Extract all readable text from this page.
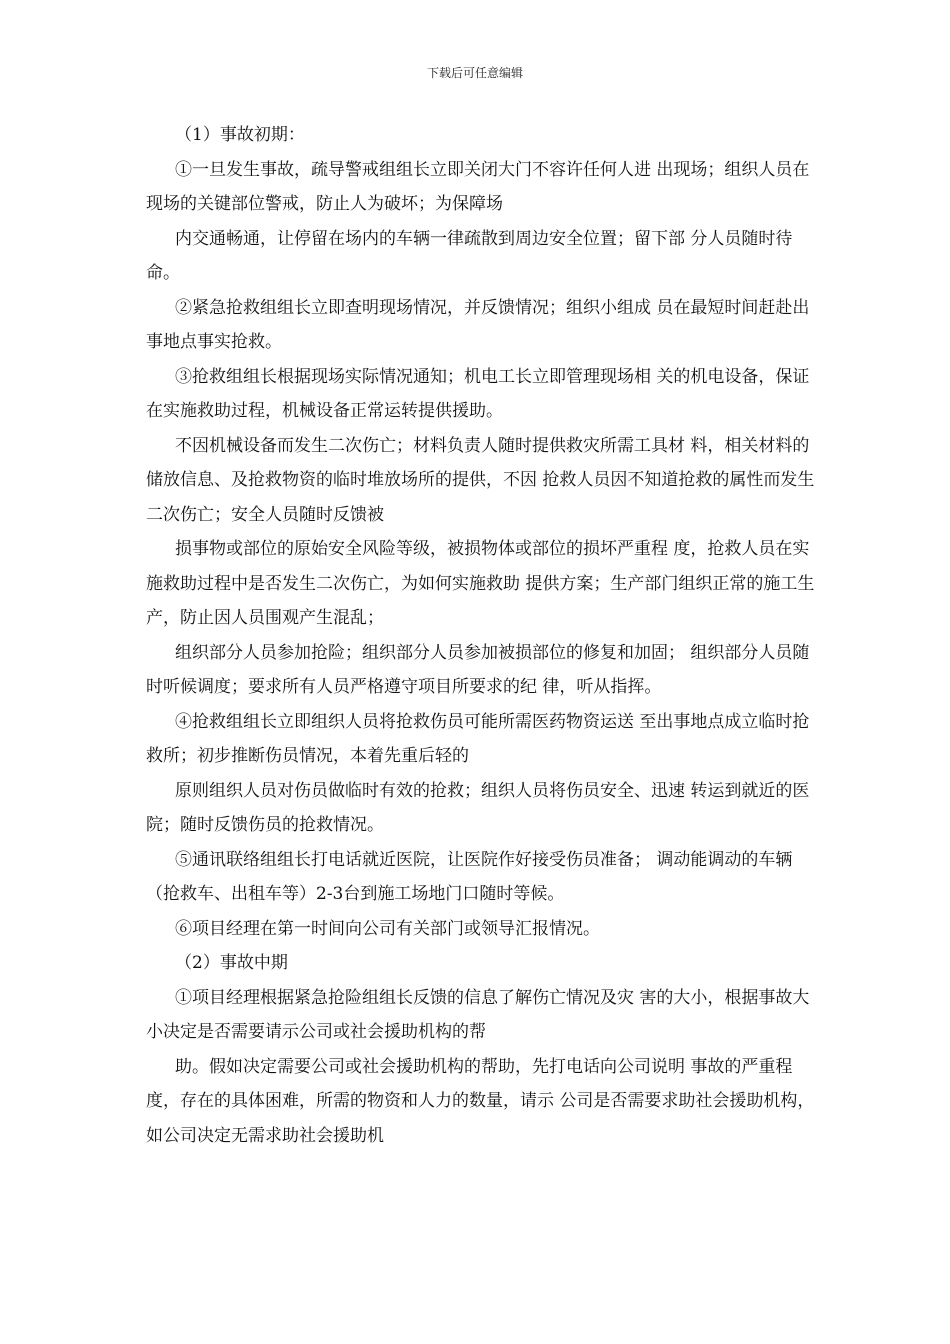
下载后可任意编辑

（1）事故初期：

①一旦发生事故，疏导警戒组组长立即关闭大门不容许任何人进 出现场；组织人员在现场的关键部位警戒，防止人为破坏；为保障场

内交通畅通，让停留在场内的车辆一律疏散到周边安全位置；留下部 分人员随时待命。

②紧急抢救组组长立即查明现场情况，并反馈情况；组织小组成 员在最短时间赶赴出事地点事实抢救。

③抢救组组长根据现场实际情况通知；机电工长立即管理现场相 关的机电设备，保证在实施救助过程，机械设备正常运转提供援助。

不因机械设备而发生二次伤亡；材料负责人随时提供救灾所需工具材 料，相关材料的储放信息、及抢救物资的临时堆放场所的提供，不因 抢救人员因不知道抢救的属性而发生二次伤亡；安全人员随时反馈被

损事物或部位的原始安全风险等级，被损物体或部位的损坏严重程 度，抢救人员在实施救助过程中是否发生二次伤亡，为如何实施救助 提供方案；生产部门组织正常的施工生产，防止因人员围观产生混乱；

组织部分人员参加抢险；组织部分人员参加被损部位的修复和加固； 组织部分人员随时听候调度；要求所有人员严格遵守项目所要求的纪 律，听从指挥。

④抢救组组长立即组织人员将抢救伤员可能所需医药物资运送 至出事地点成立临时抢救所；初步推断伤员情况，本着先重后轻的

原则组织人员对伤员做临时有效的抢救；组织人员将伤员安全、迅速 转运到就近的医院；随时反馈伤员的抢救情况。

⑤通讯联络组组长打电话就近医院，让医院作好接受伤员准备； 调动能调动的车辆（抢救车、出租车等）2-3台到施工场地门口随时等候。

⑥项目经理在第一时间向公司有关部门或领导汇报情况。

（2）事故中期

①项目经理根据紧急抢险组组长反馈的信息了解伤亡情况及灾 害的大小，根据事故大小决定是否需要请示公司或社会援助机构的帮

助。假如决定需要公司或社会援助机构的帮助，先打电话向公司说明 事故的严重程度，存在的具体困难，所需的物资和人力的数量，请示 公司是否需要求助社会援助机构，如公司决定无需求助社会援助机
